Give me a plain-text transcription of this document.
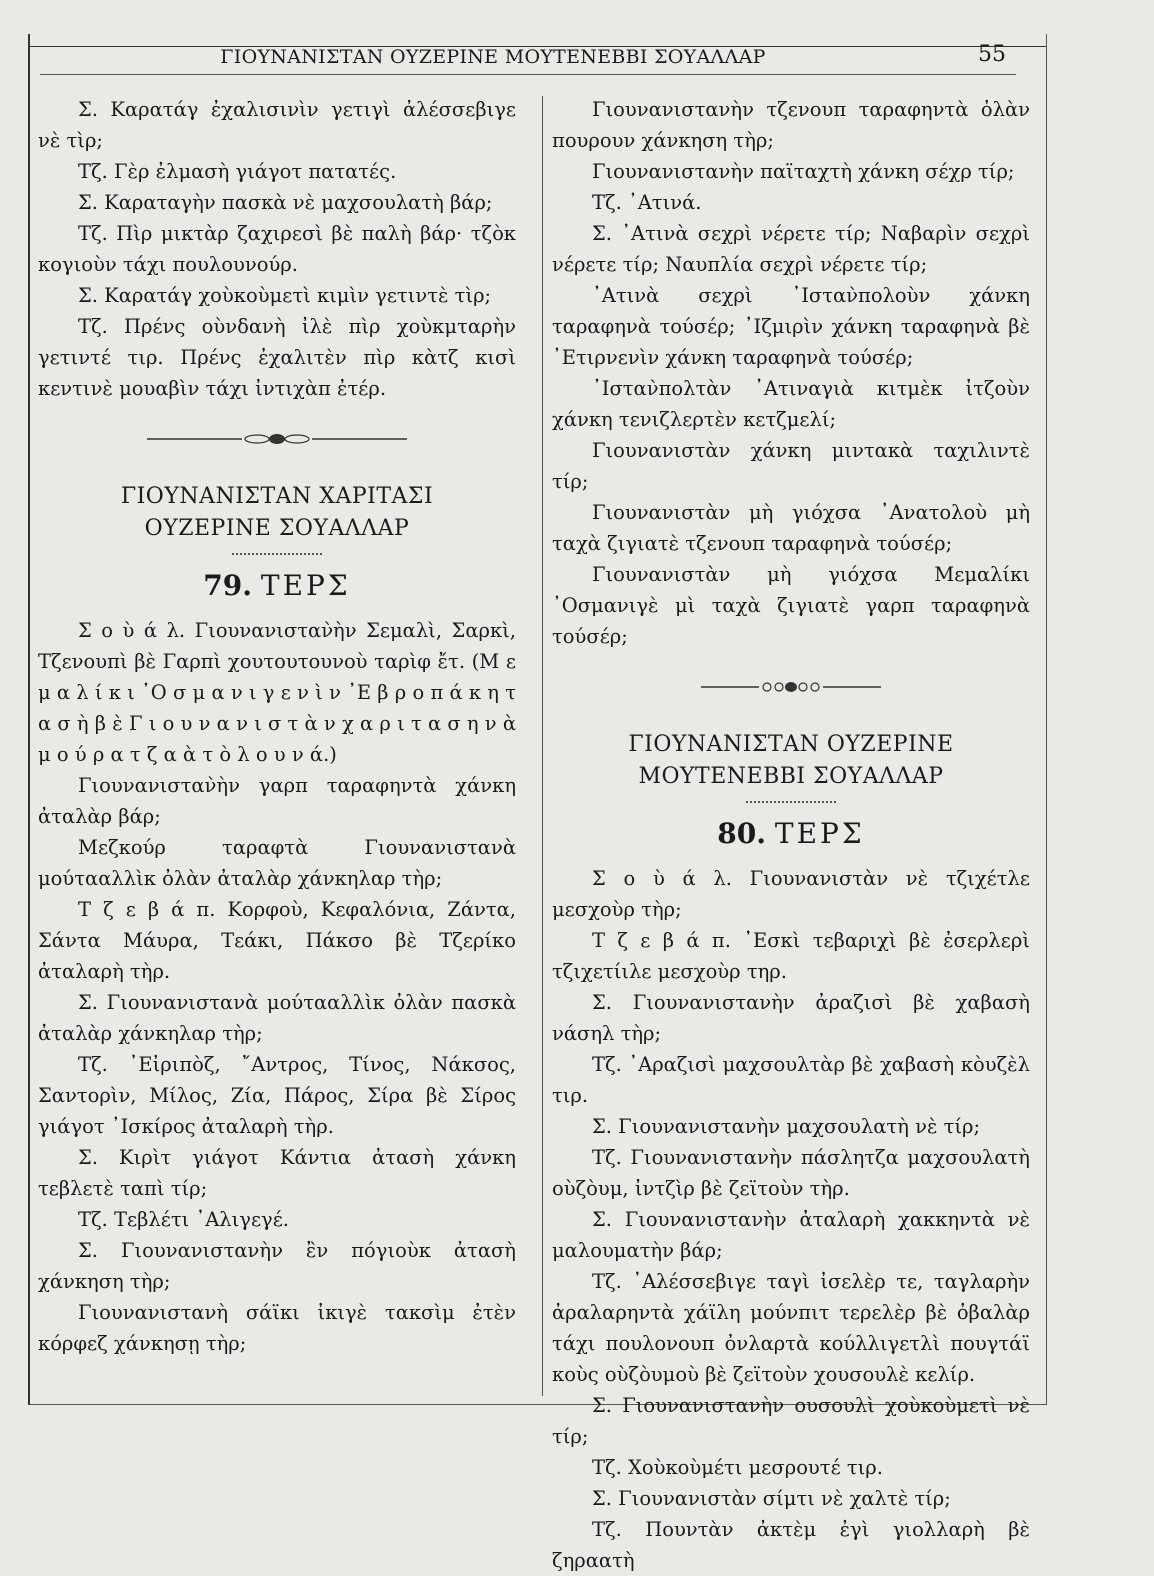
ΓΙΟΥΝΑΝΙΣΤΑΝ ΟΥΖΕΡΙΝΕ ΜΟΥΤΕΝΕΒΒΙ ΣΟΥΑΛΛΑΡ	55

Σ. Καρατάγ ἐχαλισινὶν γετιγὶ ἀλέσσεβιγε νὲ τὶρ;

Τζ. Γὲρ ἐλμασὴ γιάγοτ πατατές.

Σ. Καραταγὴν πασκὰ νὲ μαχσουλατὴ βάρ;

Τζ. Πὶρ μικτὰρ ζαχιρεσὶ βὲ παλὴ βάρ· τζὸκ κογιοὺν τάχι πουλουνούρ.

Σ. Καρατάγ χοὺκοὺμετὶ κιμὶν γετιντὲ τὶρ;

Τζ. Πρένς οὺνδανὴ ἰλὲ πὶρ χοὺκμταρὴν γετιντέ τιρ. Πρένς ἐχαλιτὲν πὶρ κὰτζ κισὶ κεντινὲ μουαβὶν τάχι ἰντιχὰπ ἐτέρ.

ΓΙΟΥΝΑΝΙΣΤΑΝ ΧΑΡΙΤΑΣΙ
ΟΥΖΕΡΙΝΕ ΣΟΥΑΛΛΑΡ
79. ΤΕΡΣ

Σ ο ὺ ά λ. Γιουνανισταν̀ὴν Σεμαλὶ, Σαρκὶ, Τζενουπὶ βὲ Γαρπὶ χουτουτουνοὺ ταρὶφ ἔτ. (Μ ε μ α λ ί κ ι ᾽Ο σ μ α ν ι γ ε ν ὶ ν ᾽Ε β ρ ο π ά κ η τ α σ ὴ β ὲ Γ ι ο υ ν α ν ι σ τ ὰ ν χ α ρ ι τ α σ η ν ὰ μ ο ύ ρ α τ ζ α ὰ τ ὸ λ ο υ ν ά.)

Γιουνανισταν̀ὴν γαρπ ταραφηντὰ χάνκη ἀταλὰρ βάρ;

Μεζκούρ ταραφτὰ Γιουνανιστανὰ μούτααλλὶκ ὀλὰν ἀταλὰρ χάνκηλαρ τὴρ;

Τ ζ ε β ά π. Κορφοὺ, Κεφαλόνια, Ζάντα, Σάντα Μάυρα, Τεάκι, Πάκσο βὲ Τζερίκο ἀταλαρὴ τὴρ.

Σ. Γιουνανιστανὰ μούτααλλὶκ ὀλὰν πασκὰ ἀταλὰρ χάνκηλαρ τὴρ;

Τζ. ᾽Εἰριπὸζ, ῎Αντρος, Τίνος, Νάκσος, Σαντορὶν, Μίλος, Ζία, Πάρος, Σίρα βὲ Σίρος γιάγοτ ᾽Ισκίρος ἀταλαρὴ τὴρ.

Σ. Κιρὶτ γιάγοτ Κάντια ἀτασὴ χάνκη τεβλετὲ ταπὶ τίρ;

Τζ. Τεβλέτι ᾽Αλιγεγέ.

Σ. Γιουνανιστανὴν ἒν πόγιοὺκ ἀτασὴ χάνκηση τὴρ;

Γιουνανιστανὴ σάϊκι ἰκιγὲ τακσὶμ ἐτὲν κόρφεζ χάνκησῃ τὴρ;

Γιουνανιστανὴν τζενουπ ταραφηντὰ ὀλὰν πουρουν χάνκηση τὴρ;

Γιουνανιστανὴν παϊταχτὴ χάνκη σέχρ τίρ;

Τζ. ᾽Ατινά.

Σ. ᾽Ατινὰ σεχρὶ νέρετε τίρ; Ναβαρὶν σεχρὶ νέρετε τίρ; Ναυπλία σεχρὶ νέρετε τίρ;

᾽Ατινὰ σεχρὶ ᾽Ισταν̀πολοὺν χάνκη ταραφηνὰ τούσέρ; ᾽Ιζμιρὶν χάνκη ταραφηνὰ βὲ ᾽Ετιρνενὶν χάνκη ταραφηνὰ τούσέρ;

᾽Ισταν̀πολτὰν ᾽Ατιναγιὰ κιτμὲκ ἰτζοὺν χάνκη τενιζλερτὲν κετζμελί;

Γιουνανιστὰν χάνκη μιντακὰ ταχιλιντὲ τίρ;

Γιουνανιστὰν μὴ γιόχσα ᾽Ανατολοὺ μὴ ταχὰ ζιγιατὲ τζενουπ ταραφηνὰ τούσέρ;

Γιουνανιστὰν μὴ γιόχσα Μεμαλίκι ᾽Οσμανιγὲ μὶ ταχὰ ζιγιατὲ γαρπ ταραφηνὰ τούσέρ;

ΓΙΟΥΝΑΝΙΣΤΑΝ ΟΥΖΕΡΙΝΕ
ΜΟΥΤΕΝΕΒΒΙ ΣΟΥΑΛΛΑΡ
80. ΤΕΡΣ

Σ ο ὺ ά λ. Γιουνανιστὰν νὲ τζιχέτλε μεσχοὺρ τὴρ;

Τ ζ ε β ά π. ᾽Εσκὶ τεβαριχὶ βὲ ἐσερλερὶ τζιχετίιλε μεσχοὺρ τηρ.

Σ. Γιουνανιστανὴν ἀραζισὶ βὲ χαβασὴ νάσηλ τὴρ;

Τζ. ᾽Αραζισὶ μαχσουλτὰρ βὲ χαβασὴ κὸυζὲλ τιρ.

Σ. Γιουνανιστανὴν μαχσουλατὴ νὲ τίρ;

Τζ. Γιουνανιστανὴν πάσλητζα μαχσουλατὴ οὺζὸυμ, ἰντζὶρ βὲ ζεϊτοὺν τὴρ.

Σ. Γιουνανιστανὴν ἀταλαρὴ χακκηντὰ νὲ μαλουματὴν βάρ;

Τζ. ᾽Αλέσσεβιγε ταγὶ ἰσελὲρ τε, ταγλαρὴν ἀραλαρηντὰ χάϊλη μούνπιτ τερελὲρ βὲ ὀβαλὰρ τάχι πουλονουπ ὀνλαρτὰ κούλλιγετλὶ πουγτάϊ κοὺς οὺζὸυμοὺ βὲ ζεϊτοὺν χουσουλὲ κελίρ.

Σ. Γιουνανιστανὴν ουσουλὶ χοὺκοὺμετὶ νὲ τίρ;

Τζ. Χοὺκοὺμέτι μεσρουτέ τιρ.

Σ. Γιουνανιστὰν σίμτι νὲ χαλτὲ τίρ;

Τζ. Πουντὰν ἀκτὲμ ἐγὶ γιολλαρὴ βὲ ζηραατὴ
